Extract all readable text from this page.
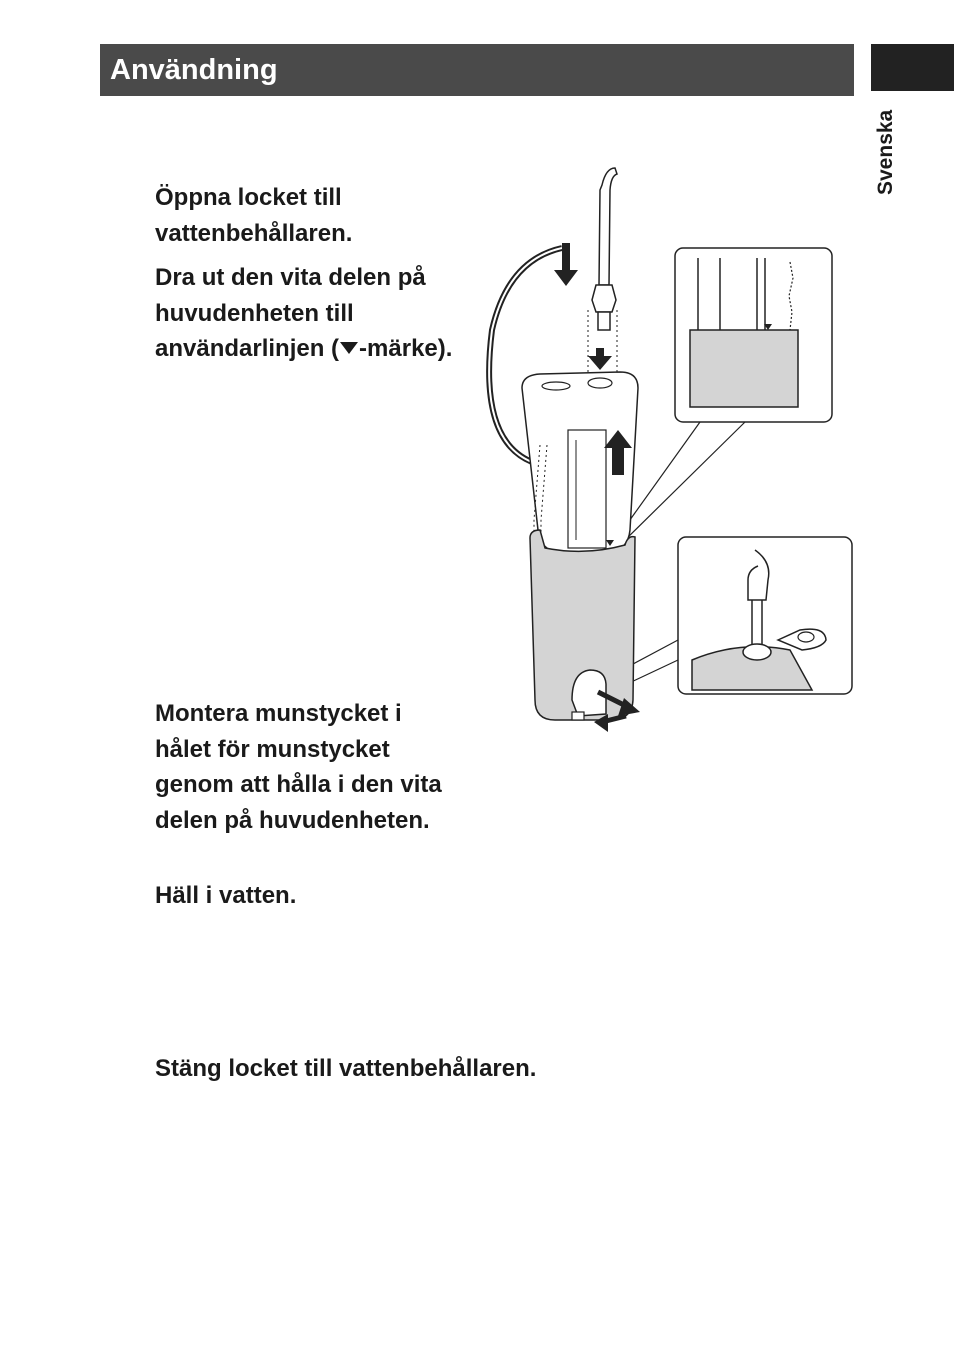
Användning
Svenska
Öppna locket till
vattenbehållaren.
Dra ut den vita delen på
huvudenheten till
användarlinjen ( -märke).
Montera munstycket i
hålet för munstycket
genom att hålla i den vita
delen på huvudenheten.
Häll i vatten.
Stäng locket till vattenbehållaren.
